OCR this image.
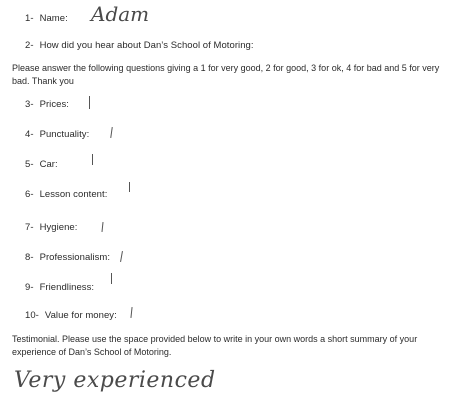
1- Name: Adam
2- How did you hear about Dan’s School of Motoring:
Please answer the following questions giving a 1 for very good, 2 for good, 3 for ok, 4 for bad and 5 for very
bad. Thank you
3- Prices:
4- Punctuality:
5- Car:
6- Lesson content:
7- Hygiene:
8- Professionalism:
9- Friendliness:
10- Value for money:
Testimonial. Please use the space provided below to write in your own words a short summary of your
experience of Dan’s School of Motoring.
Very experienced
